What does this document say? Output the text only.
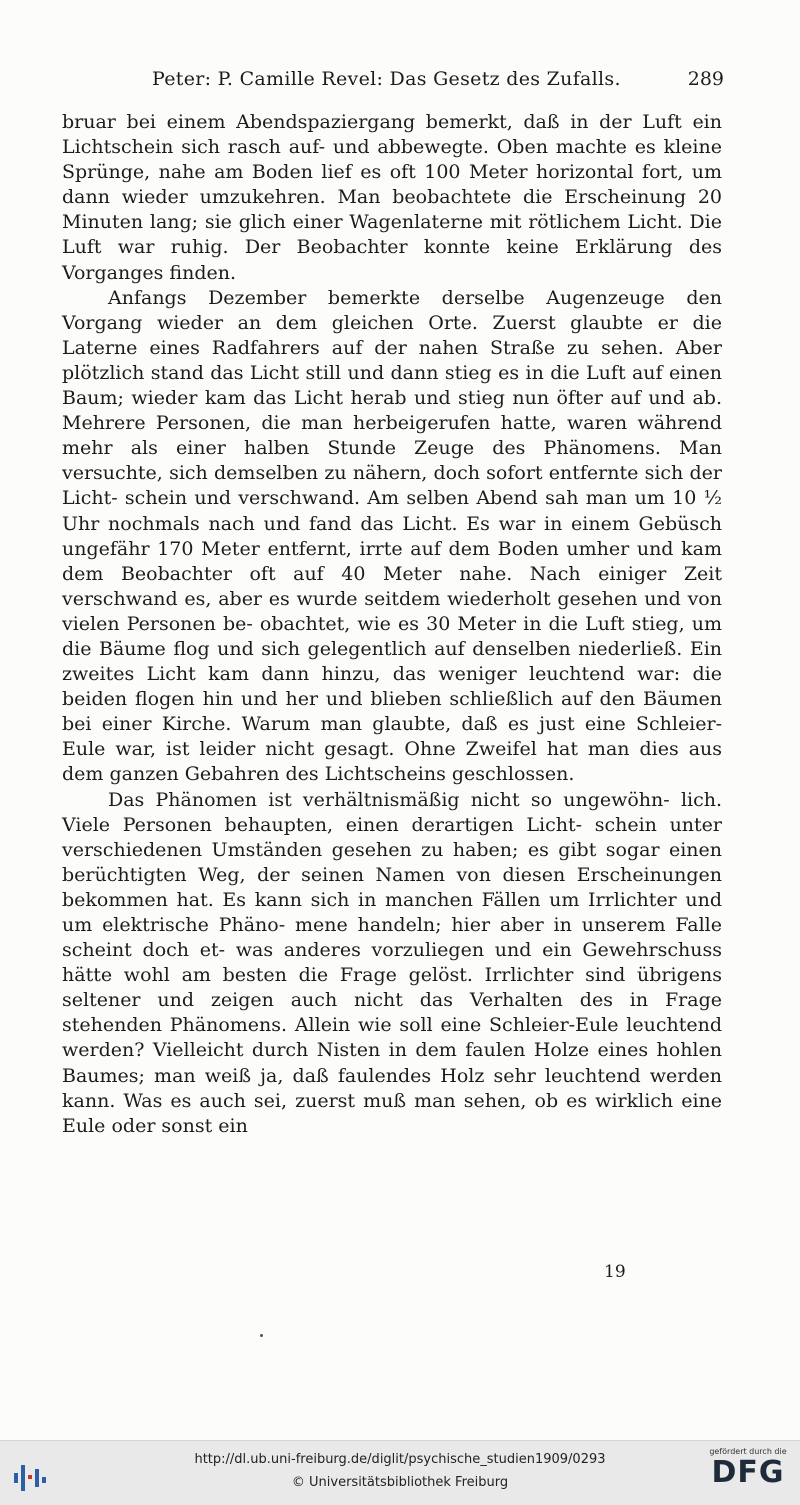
Peter: P. Camille Revel: Das Gesetz des Zufalls.	289

bruar bei einem Abendspaziergang bemerkt, daß in der Luft ein Lichtschein sich rasch auf- und abbewegte. Oben machte es kleine Sprünge, nahe am Boden lief es oft 100 Meter horizontal fort, um dann wieder umzukehren. Man beobachtete die Erscheinung 20 Minuten lang; sie glich einer Wagenlaterne mit rötlichem Licht. Die Luft war ruhig. Der Beobachter konnte keine Erklärung des Vorganges finden.

Anfangs Dezember bemerkte derselbe Augenzeuge den Vorgang wieder an dem gleichen Orte. Zuerst glaubte er die Laterne eines Radfahrers auf der nahen Straße zu sehen. Aber plötzlich stand das Licht still und dann stieg es in die Luft auf einen Baum; wieder kam das Licht herab und stieg nun öfter auf und ab. Mehrere Personen, die man herbeigerufen hatte, waren während mehr als einer halben Stunde Zeuge des Phänomens. Man versuchte, sich demselben zu nähern, doch sofort entfernte sich der Licht- schein und verschwand. Am selben Abend sah man um 10 ¹⁄₂ Uhr nochmals nach und fand das Licht. Es war in einem Gebüsch ungefähr 170 Meter entfernt, irrte auf dem Boden umher und kam dem Beobachter oft auf 40 Meter nahe. Nach einiger Zeit verschwand es, aber es wurde seitdem wiederholt gesehen und von vielen Personen be- obachtet, wie es 30 Meter in die Luft stieg, um die Bäume flog und sich gelegentlich auf denselben niederließ. Ein zweites Licht kam dann hinzu, das weniger leuchtend war: die beiden flogen hin und her und blieben schließlich auf den Bäumen bei einer Kirche. Warum man glaubte, daß es just eine Schleier-Eule war, ist leider nicht gesagt. Ohne Zweifel hat man dies aus dem ganzen Gebahren des Lichtscheins geschlossen.

Das Phänomen ist verhältnismäßig nicht so ungewöhn- lich. Viele Personen behaupten, einen derartigen Licht- schein unter verschiedenen Umständen gesehen zu haben; es gibt sogar einen berüchtigten Weg, der seinen Namen von diesen Erscheinungen bekommen hat. Es kann sich in manchen Fällen um Irrlichter und um elektrische Phäno- mene handeln; hier aber in unserem Falle scheint doch et- was anderes vorzuliegen und ein Gewehrschuss hätte wohl am besten die Frage gelöst. Irrlichter sind übrigens seltener und zeigen auch nicht das Verhalten des in Frage stehenden Phänomens. Allein wie soll eine Schleier-Eule leuchtend werden? Vielleicht durch Nisten in dem faulen Holze eines hohlen Baumes; man weiß ja, daß faulendes Holz sehr leuchtend werden kann. Was es auch sei, zuerst muß man sehen, ob es wirklich eine Eule oder sonst ein

19
http://dl.ub.uni-freiburg.de/diglit/psychische_studien1909/0293
© Universitätsbibliothek Freiburg
gefördert durch die
DFG
